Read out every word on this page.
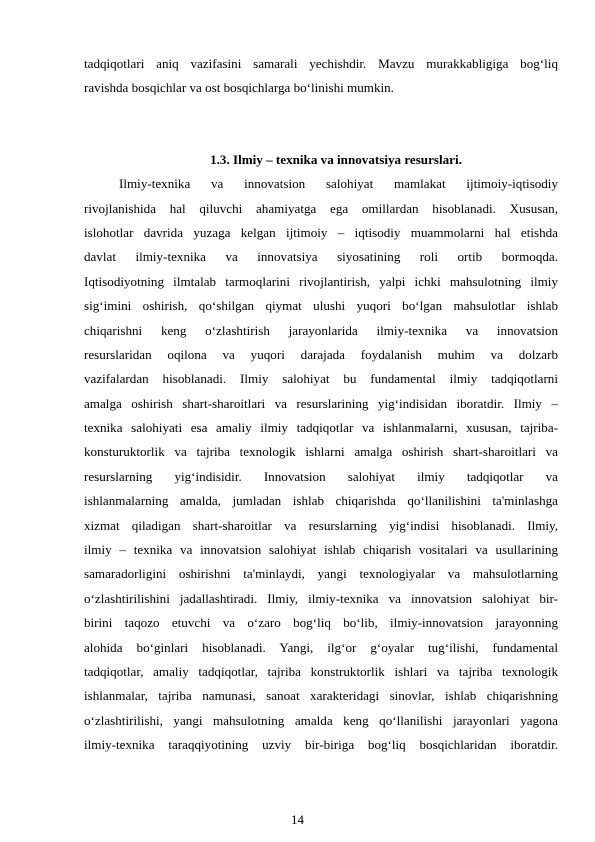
tadqiqotlari aniq vazifasini samarali yechishdir. Mavzu murakkabligiga bog‘liq
ravishda bosqichlar va ost bosqichlarga bo‘linishi mumkin.
1.3. Ilmiy – texnika va innovatsiya resurslari.
Ilmiy-texnika va innovatsion salohiyat mamlakat ijtimoiy-iqtisodiy
rivojlanishida hal qiluvchi ahamiyatga ega omillardan hisoblanadi. Xususan,
islohotlar davrida yuzaga kelgan ijtimoiy – iqtisodiy muammolarni hal etishda
davlat ilmiy-texnika va innovatsiya siyosatining roli ortib bormoqda.
Iqtisodiyotning ilmtalab tarmoqlarini rivojlantirish, yalpi ichki mahsulotning ilmiy
sig‘imini oshirish, qo‘shilgan qiymat ulushi yuqori bo‘lgan mahsulotlar ishlab
chiqarishni keng o‘zlashtirish jarayonlarida ilmiy-texnika va innovatsion
resurslaridan oqilona va yuqori darajada foydalanish muhim va dolzarb
vazifalardan hisoblanadi. Ilmiy salohiyat bu fundamental ilmiy tadqiqotlarni
amalga oshirish shart-sharoitlari va resurslarining yig‘indisidan iboratdir. Ilmiy –
texnika salohiyati esa amaliy ilmiy tadqiqotlar va ishlanmalarni, xususan, tajriba-
konsturuktorlik va tajriba texnologik ishlarni amalga oshirish shart-sharoitlari va
resurslarning yig‘indisidir. Innovatsion salohiyat ilmiy tadqiqotlar va
ishlanmalarning amalda, jumladan ishlab chiqarishda qo‘llanilishini ta'minlashga
xizmat qiladigan shart-sharoitlar va resurslarning yig‘indisi hisoblanadi. Ilmiy,
ilmiy – texnika va innovatsion salohiyat ishlab chiqarish vositalari va usullarining
samaradorligini oshirishni ta'minlaydi, yangi texnologiyalar va mahsulotlarning
o‘zlashtirilishini jadallashtiradi. Ilmiy, ilmiy-texnika va innovatsion salohiyat bir-
birini taqozo etuvchi va o‘zaro bog‘liq bo‘lib, ilmiy-innovatsion jarayonning
alohida bo‘ginlari hisoblanadi. Yangi, ilg‘or g‘oyalar tug‘ilishi, fundamental
tadqiqotlar, amaliy tadqiqotlar, tajriba konstruktorlik ishlari va tajriba texnologik
ishlanmalar, tajriba namunasi, sanoat xarakteridagi sinovlar, ishlab chiqarishning
o‘zlashtirilishi, yangi mahsulotning amalda keng qo‘llanilishi jarayonlari yagona
ilmiy-texnika taraqqiyotining uzviy bir-biriga bog‘liq bosqichlaridan iboratdir.
14
